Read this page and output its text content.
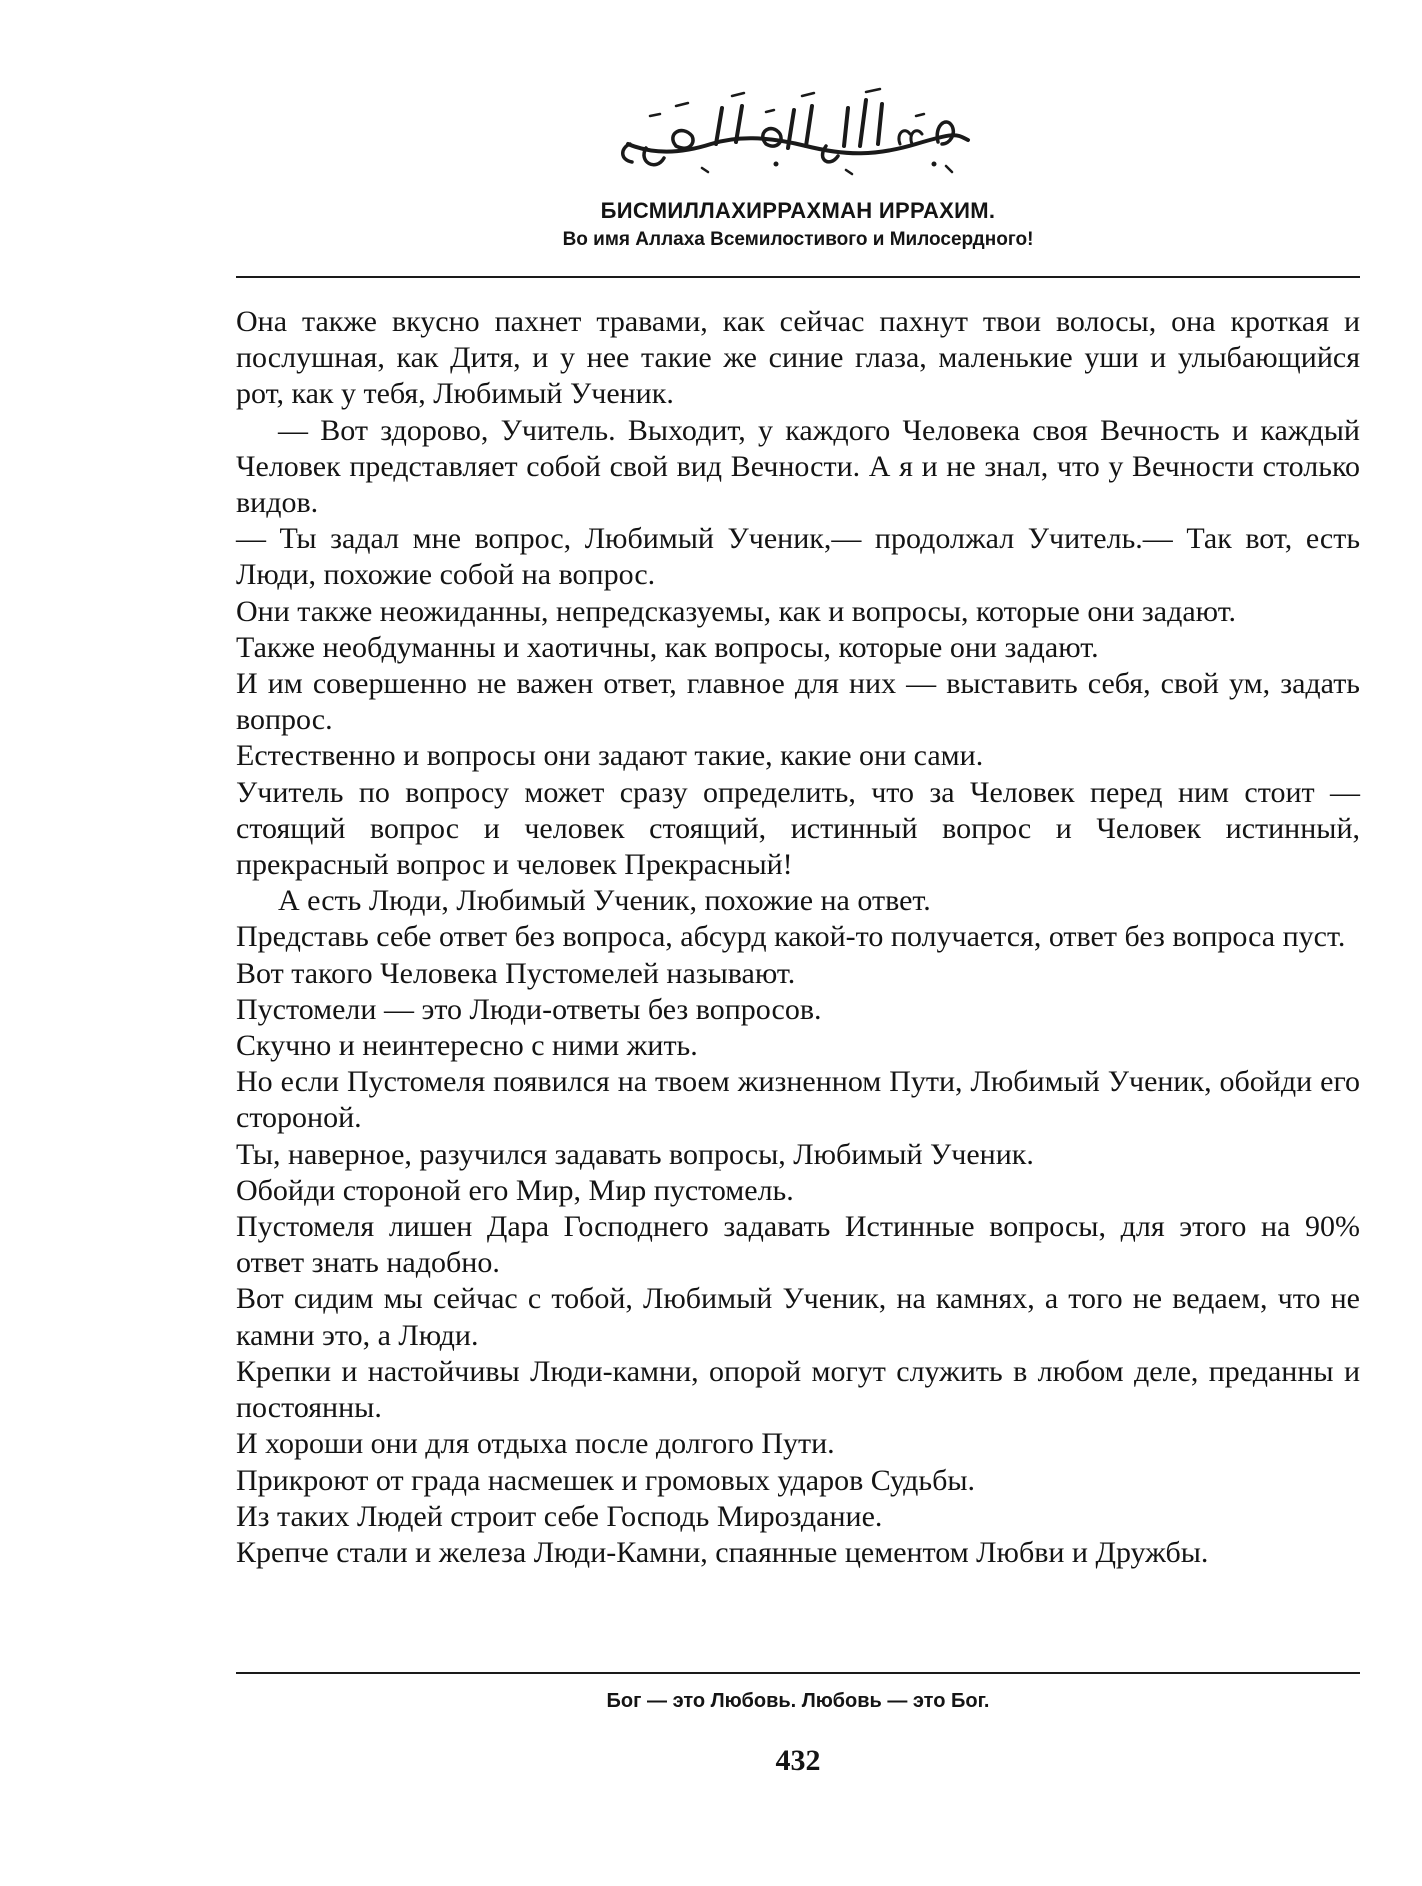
БИСМИЛЛАХИРРАХМАН ИРРАХИМ.

Во имя Аллаха Всемилостивого и Милосердного!

Она также вкусно пахнет травами, как сейчас пахнут твои волосы, она кроткая и послушная, как Дитя, и у нее такие же синие глаза, маленькие уши и улыбающийся рот, как у тебя, Любимый Ученик.

— Вот здорово, Учитель. Выходит, у каждого Человека своя Вечность и каждый Человек представляет собой свой вид Вечности. А я и не знал, что у Вечности столько видов.

— Ты задал мне вопрос, Любимый Ученик,— продолжал Учитель.— Так вот, есть Люди, похожие собой на вопрос.

Они также неожиданны, непредсказуемы, как и вопросы, которые они задают.

Также необдуманны и хаотичны, как вопросы, которые они задают.

И им совершенно не важен ответ, главное для них — выставить себя, свой ум, задать вопрос.

Естественно и вопросы они задают такие, какие они сами.

Учитель по вопросу может сразу определить, что за Человек перед ним стоит — стоящий вопрос и человек стоящий, истинный вопрос и Человек истинный, прекрасный вопрос и человек Прекрасный!

А есть Люди, Любимый Ученик, похожие на ответ.

Представь себе ответ без вопроса, абсурд какой-то получается, ответ без вопроса пуст.

Вот такого Человека Пустомелей называют.

Пустомели — это Люди-ответы без вопросов.

Скучно и неинтересно с ними жить.

Но если Пустомеля появился на твоем жизненном Пути, Любимый Ученик, обойди его стороной.

Ты, наверное, разучился задавать вопросы, Любимый Ученик.

Обойди стороной его Мир, Мир пустомель.

Пустомеля лишен Дара Господнего задавать Истинные вопросы, для этого на 90% ответ знать надобно.

Вот сидим мы сейчас с тобой, Любимый Ученик, на камнях, а того не ведаем, что не камни это, а Люди.

Крепки и настойчивы Люди-камни, опорой могут служить в любом деле, преданны и постоянны.

И хороши они для отдыха после долгого Пути.

Прикроют от града насмешек и громовых ударов Судьбы.

Из таких Людей строит себе Господь Мироздание.

Крепче стали и железа Люди-Камни, спаянные цементом Любви и Дружбы.

Бог — это Любовь. Любовь — это Бог.

432
